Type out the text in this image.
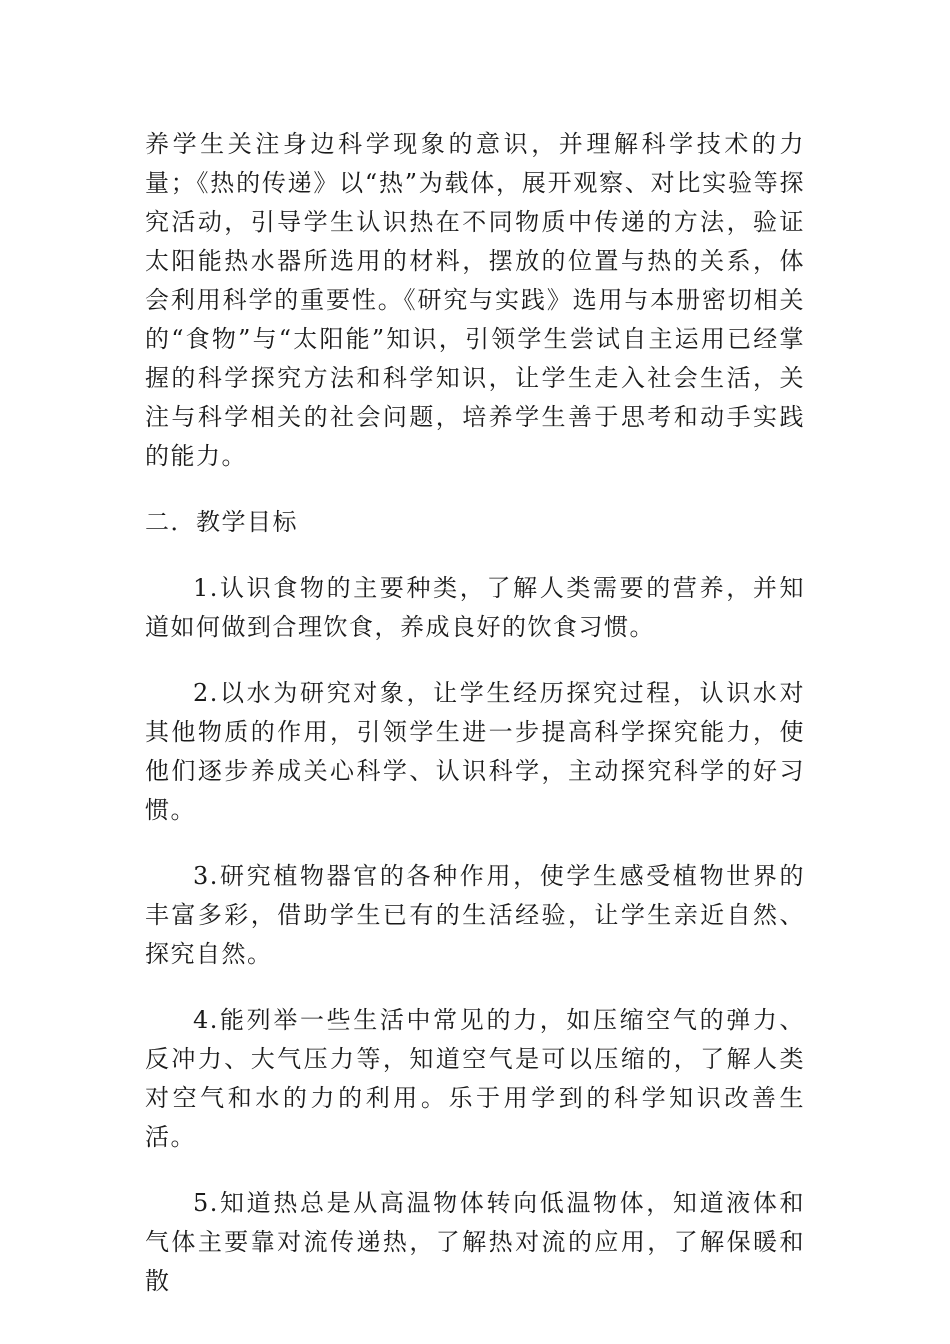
养学生关注身边科学现象的意识，并理解科学技术的力量；《热的传递》以“热”为载体，展开观察、对比实验等探究活动，引导学生认识热在不同物质中传递的方法，验证太阳能热水器所选用的材料，摆放的位置与热的关系，体会利用科学的重要性。《研究与实践》选用与本册密切相关的“食物”与“太阳能”知识，引领学生尝试自主运用已经掌握的科学探究方法和科学知识，让学生走入社会生活，关注与科学相关的社会问题，培养学生善于思考和动手实践的能力。

二．教学目标

1.认识食物的主要种类，了解人类需要的营养，并知道如何做到合理饮食，养成良好的饮食习惯。

2.以水为研究对象，让学生经历探究过程，认识水对其他物质的作用，引领学生进一步提高科学探究能力，使他们逐步养成关心科学、认识科学，主动探究科学的好习惯。

3.研究植物器官的各种作用，使学生感受植物世界的丰富多彩，借助学生已有的生活经验，让学生亲近自然、探究自然。

4.能列举一些生活中常见的力，如压缩空气的弹力、反冲力、大气压力等，知道空气是可以压缩的，了解人类对空气和水的力的利用。乐于用学到的科学知识改善生活。

5.知道热总是从高温物体转向低温物体，知道液体和气体主要靠对流传递热，了解热对流的应用，了解保暖和散
